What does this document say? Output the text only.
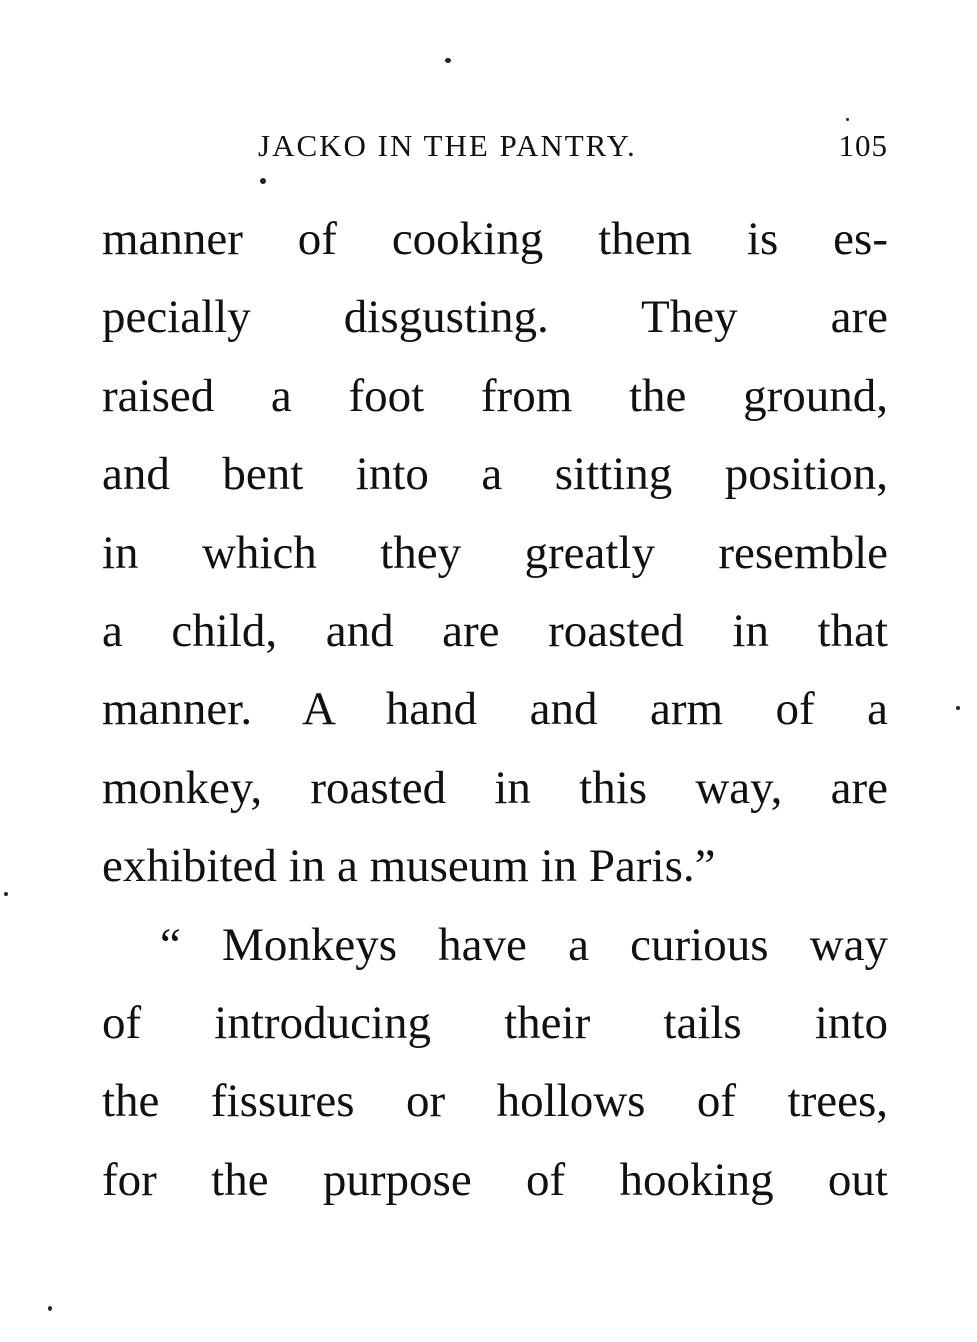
JACKO IN THE PANTRY.	105
manner of cooking them is es-
pecially disgusting. They are
raised a foot from the ground,
and bent into a sitting position,
in which they greatly resemble
a child, and are roasted in that
manner. A hand and arm of a
monkey, roasted in this way, are
exhibited in a museum in Paris.”
“ Monkeys have a curious way
of introducing their tails into
the fissures or hollows of trees,
for the purpose of hooking out
